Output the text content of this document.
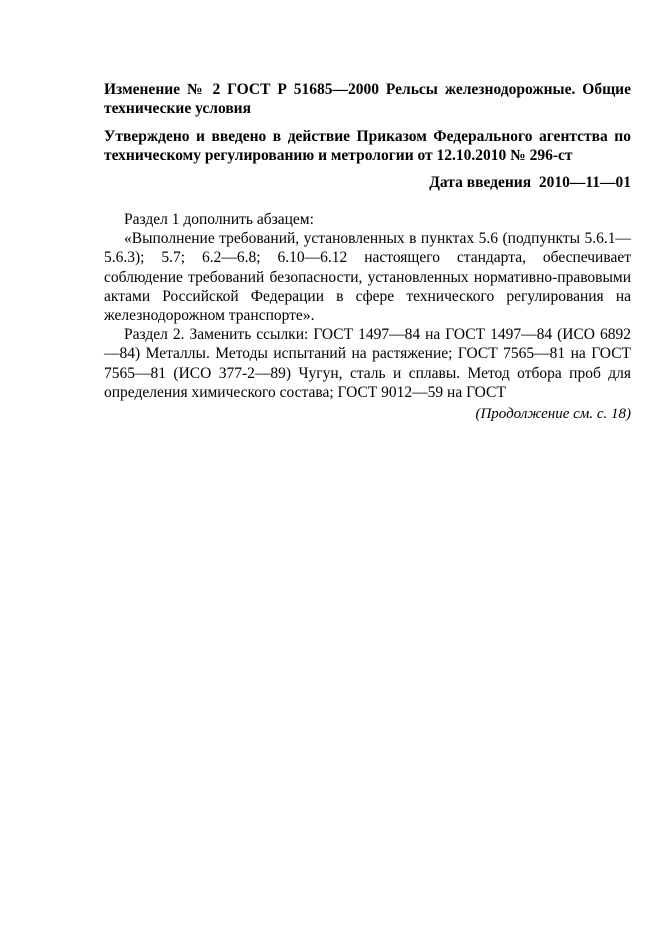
Изменение № 2 ГОСТ Р 51685—2000 Рельсы железнодорожные. Общие технические условия

Утверждено и введено в действие Приказом Федерального агентства по техническому регулированию и метрологии от 12.10.2010 № 296-ст

Дата введения 2010—11—01

Раздел 1 дополнить абзацем:

«Выполнение требований, установленных в пунктах 5.6 (подпункты 5.6.1—5.6.3); 5.7; 6.2—6.8; 6.10—6.12 настоящего стандарта, обеспечивает соблюдение требований безопасности, установленных нормативно-правовыми актами Российской Федерации в сфере технического регулирования на железнодорожном транспорте».

Раздел 2. Заменить ссылки: ГОСТ 1497—84 на ГОСТ 1497—84 (ИСО 6892—84) Металлы. Методы испытаний на растяжение; ГОСТ 7565—81 на ГОСТ 7565—81 (ИСО 377-2—89) Чугун, сталь и сплавы. Метод отбора проб для определения химического состава; ГОСТ 9012—59 на ГОСТ

(Продолжение см. с. 18)
